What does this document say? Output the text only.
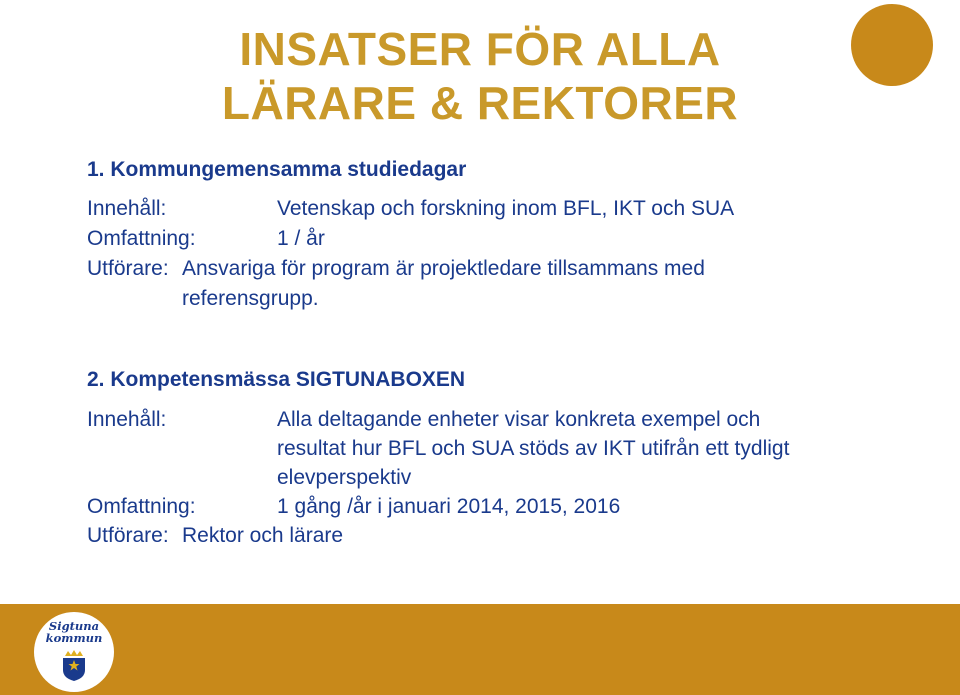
INSATSER FÖR ALLA
LÄRARE & REKTORER
1. Kommungemensamma studiedagar
Innehåll:	Vetenskap och forskning inom BFL, IKT och SUA
Omfattning:	1 / år
Utförare: Ansvariga för program är projektledare tillsammans med
referensgrupp.
2. Kompetensmässa SIGTUNABOXEN
Innehåll:	Alla deltagande enheter visar konkreta exempel och
resultat hur BFL och SUA stöds av IKT utifrån ett tydligt
elevperspektiv
Omfattning:	1 gång /år i januari 2014, 2015, 2016
Utförare: Rektor och lärare
Sigtuna
kommun
